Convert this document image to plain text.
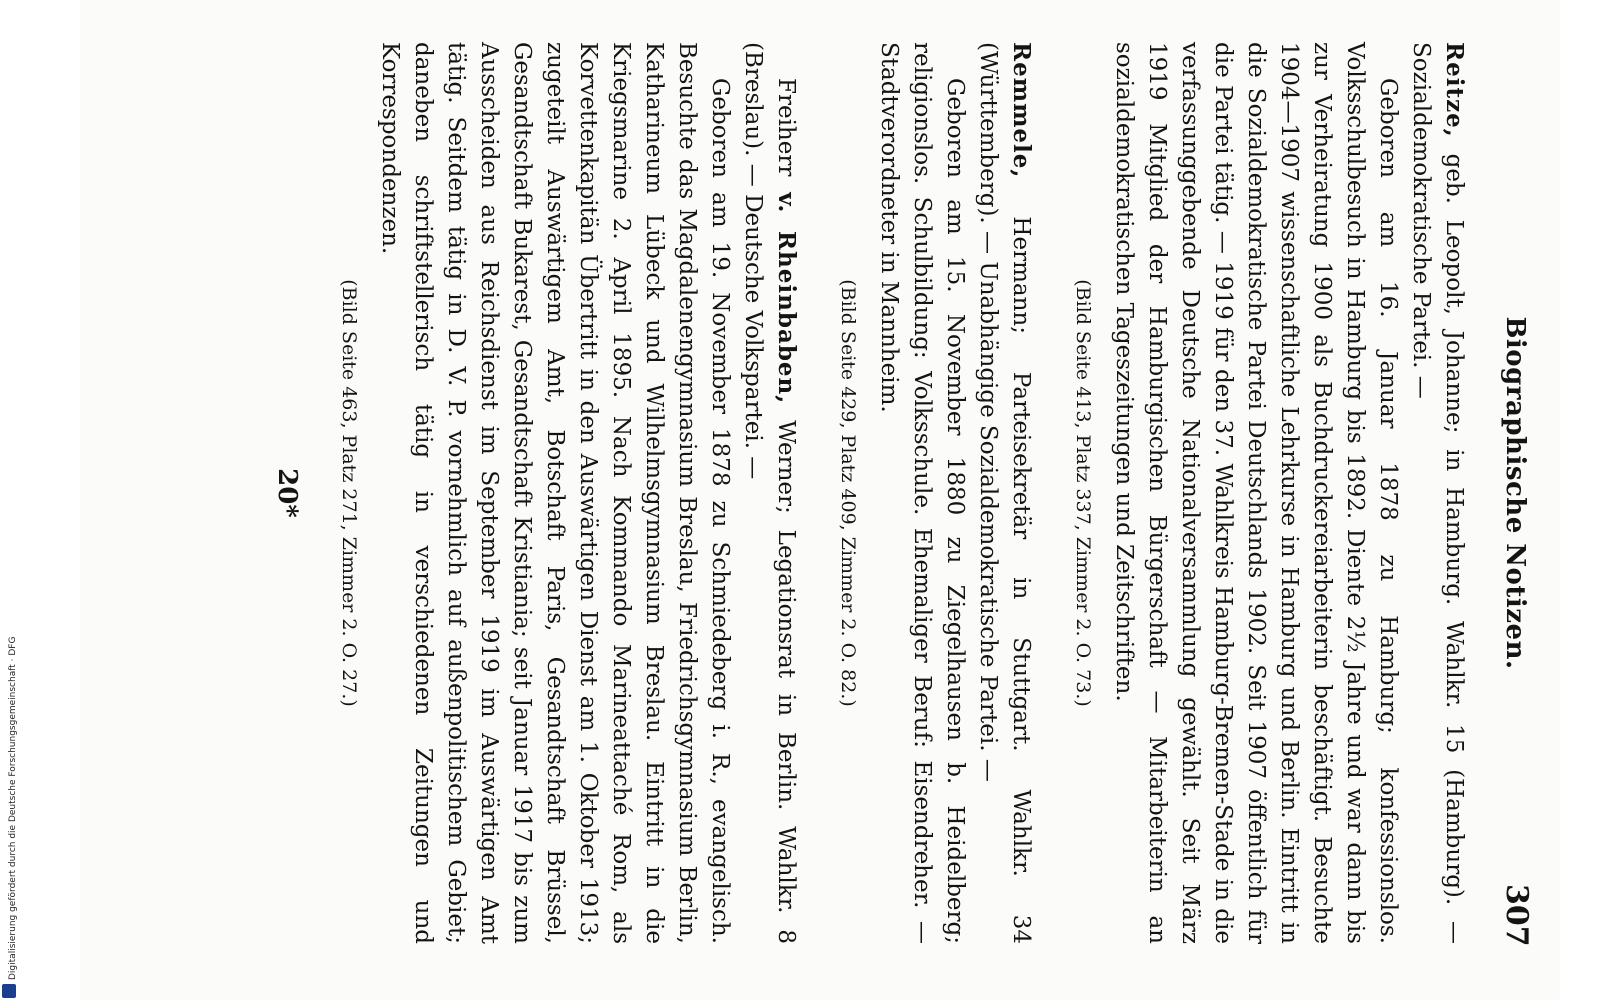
Biographische Notizen.
307

Reitze, geb. Leopolt, Johanne; in Hamburg. Wahlkr. 15 (Hamburg). — Sozialdemokratische Partei. —

Geboren am 16. Januar 1878 zu Hamburg; konfessionslos. Volksschulbesuch in Hamburg bis 1892. Diente 2½ Jahre und war dann bis zur Verheiratung 1900 als Buchdruckereiarbeiterin beschäftigt. Besuchte 1904—1907 wissenschaftliche Lehrkurse in Hamburg und Berlin. Eintritt in die Sozialdemokratische Partei Deutschlands 1902. Seit 1907 öffentlich für die Partei tätig. — 1919 für den 37. Wahlkreis Hamburg-Bremen-Stade in die verfassunggebende Deutsche Nationalversammlung gewählt. Seit März 1919 Mitglied der Hamburgischen Bürgerschaft — Mitarbeiterin an sozialdemokratischen Tageszeitungen und Zeitschriften.

(Bild Seite 413, Platz 337, Zimmer 2. O. 73.)

Remmele, Hermann; Parteisekretär in Stuttgart. Wahlkr. 34 (Württemberg). — Unabhängige Sozialdemokratische Partei. —

Geboren am 15. November 1880 zu Ziegelhausen b. Heidelberg; religionslos. Schulbildung: Volksschule. Ehemaliger Beruf: Eisendreher. — Stadtverordneter in Mannheim.

(Bild Seite 429, Platz 409, Zimmer 2. O. 82.)

Freiherr v. Rheinbaben, Werner; Legationsrat in Berlin. Wahlkr. 8 (Breslau). — Deutsche Volkspartei. —

Geboren am 19. November 1878 zu Schmiedeberg i. R., evangelisch. Besuchte das Magdalenengymnasium Breslau, Friedrichsgymnasium Berlin, Katharineum Lübeck und Wilhelmsgymnasium Breslau. Eintritt in die Kriegsmarine 2. April 1895. Nach Kommando Marineattaché Rom, als Korvettenkapitän Übertritt in den Auswärtigen Dienst am 1. Oktober 1913; zugeteilt Auswärtigem Amt, Botschaft Paris, Gesandtschaft Brüssel, Gesandtschaft Bukarest, Gesandtschaft Kristiania; seit Januar 1917 bis zum Ausscheiden aus Reichsdienst im September 1919 im Auswärtigen Amt tätig. Seitdem tätig in D. V. P. vornehmlich auf außenpolitischem Gebiet; daneben schriftstellerisch tätig in verschiedenen Zeitungen und Korrespondenzen.

(Bild Seite 463, Platz 271, Zimmer 2. O. 27.)
20*
Digitalisierung gefördert durch die Deutsche Forschungsgemeinschaft · DFG
